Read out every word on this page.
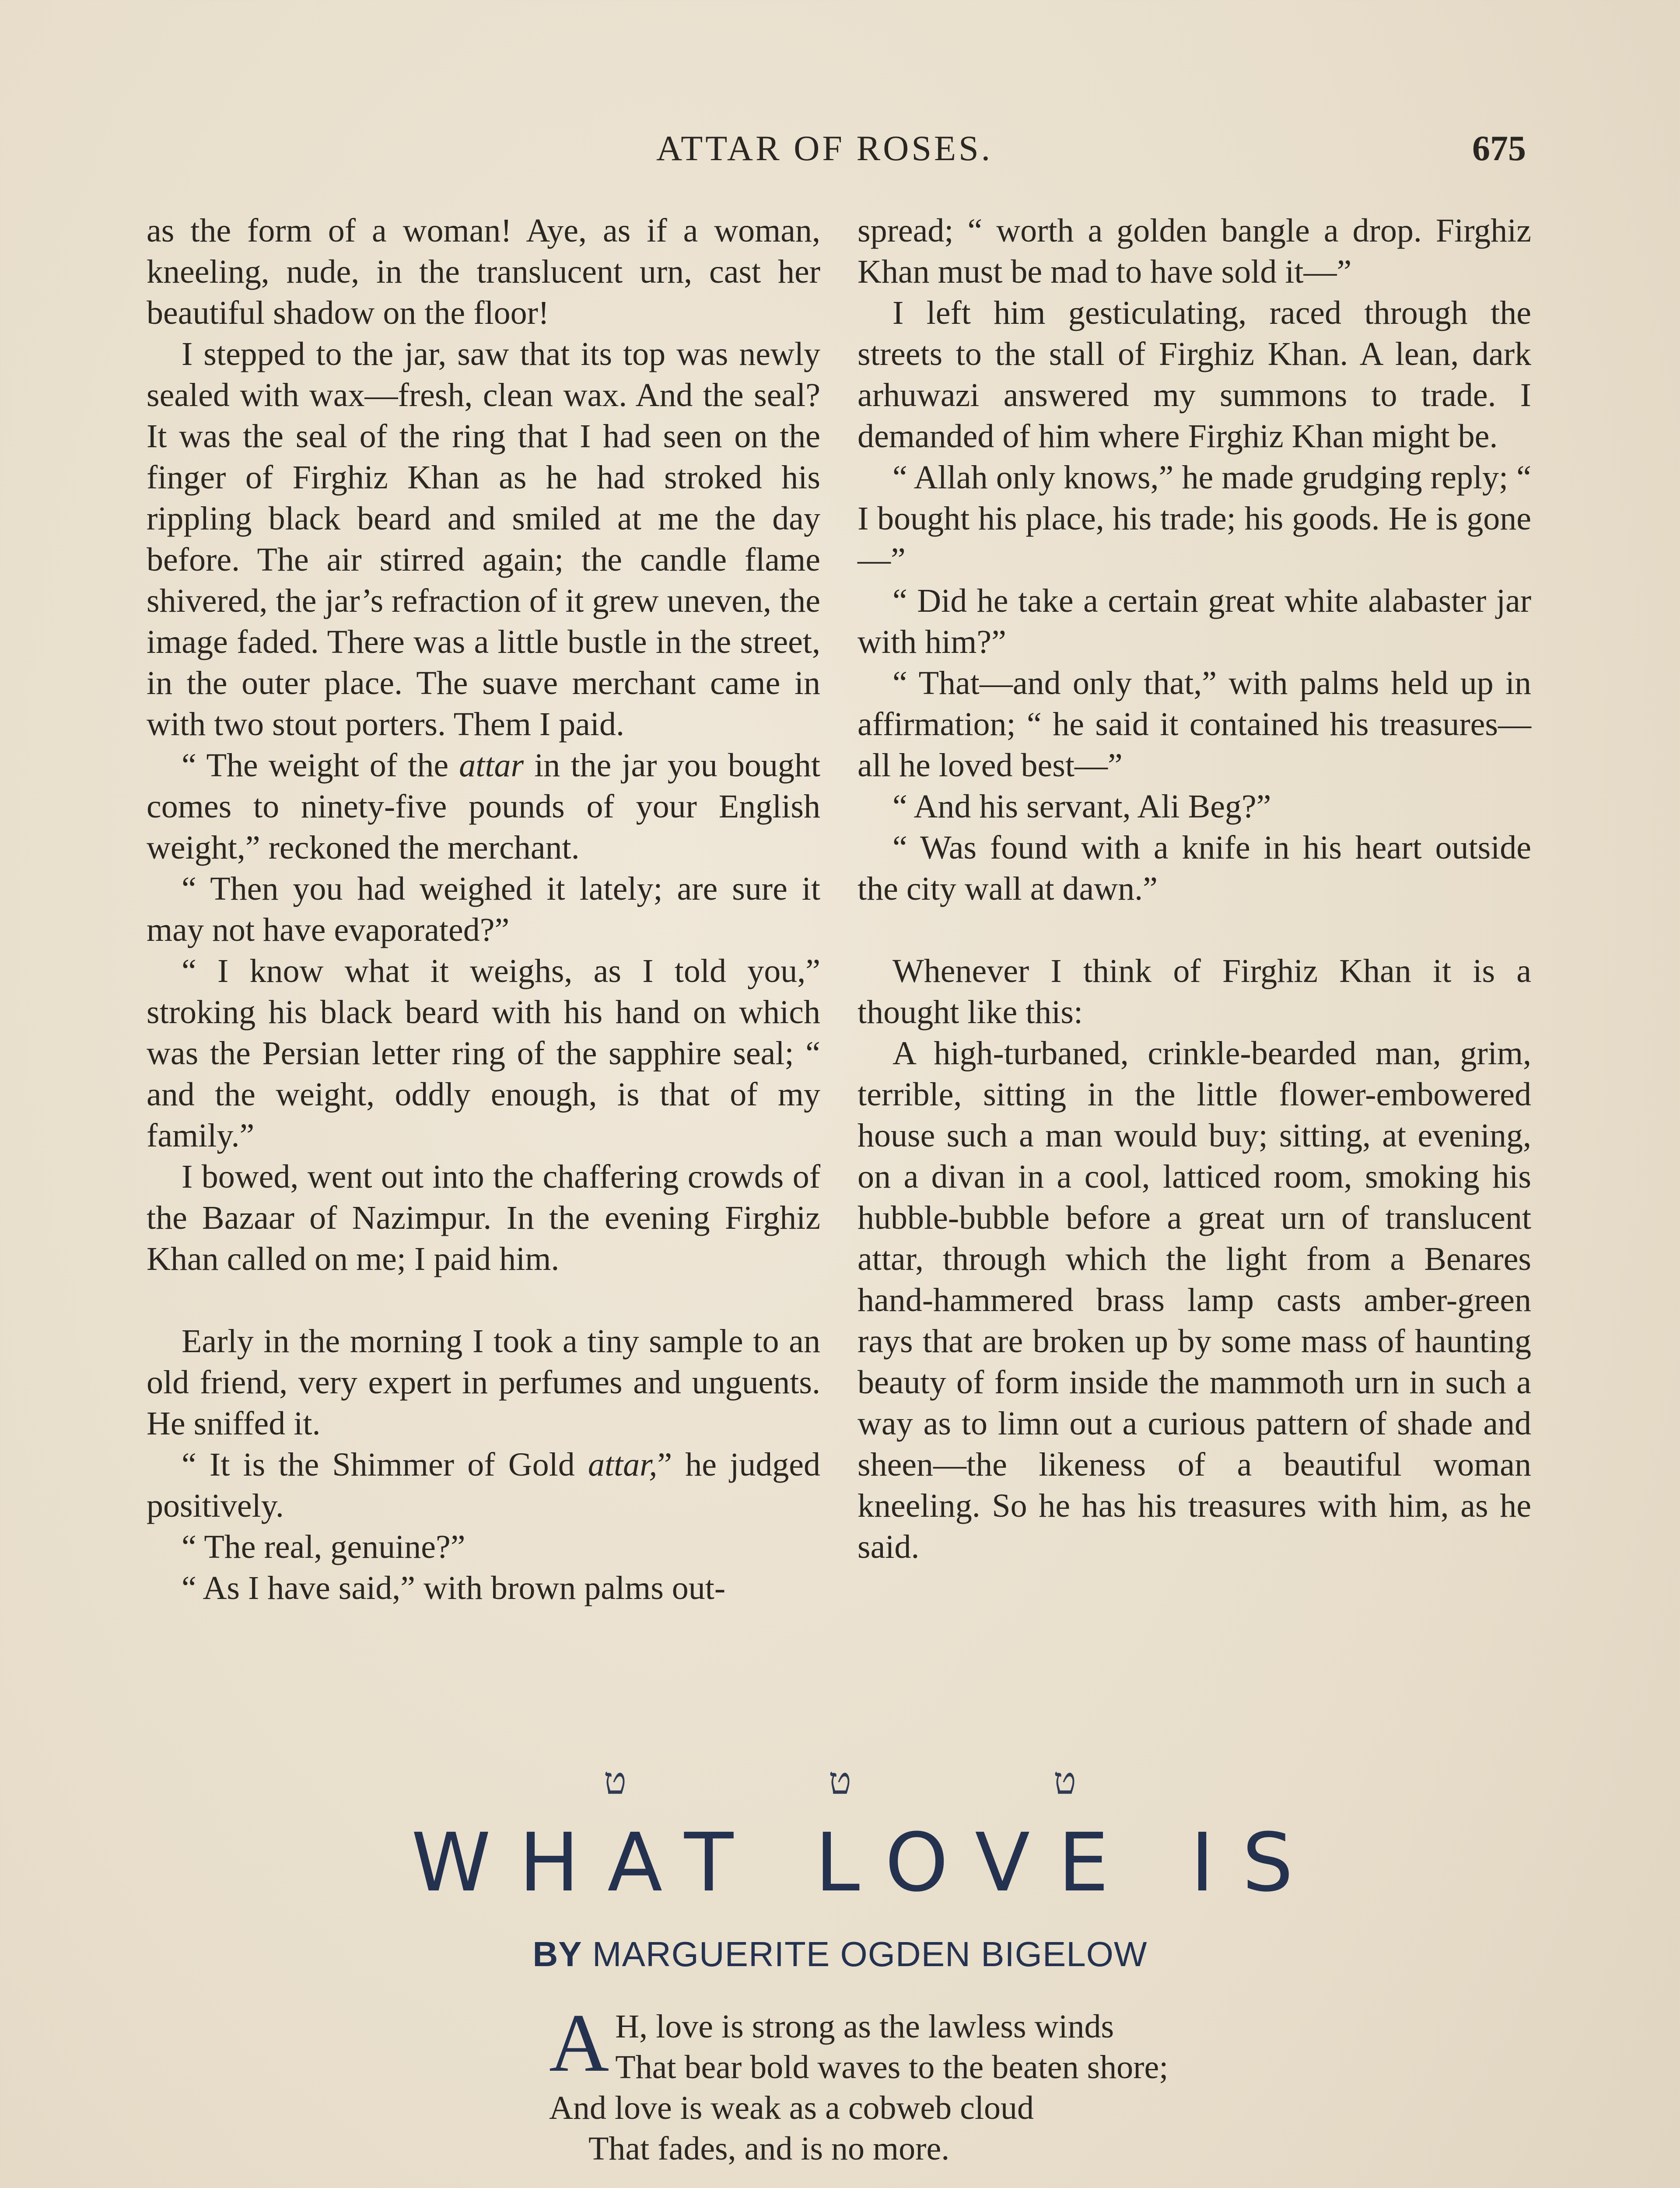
ATTAR OF ROSES.	675

as the form of a woman! Aye, as if a woman, kneeling, nude, in the translucent urn, cast her beautiful shadow on the floor!

I stepped to the jar, saw that its top was newly sealed with wax—fresh, clean wax. And the seal? It was the seal of the ring that I had seen on the finger of Firghiz Khan as he had stroked his rippling black beard and smiled at me the day before. The air stirred again; the candle flame shivered, the jar’s refraction of it grew uneven, the image faded. There was a little bustle in the street, in the outer place. The suave merchant came in with two stout porters. Them I paid.

“ The weight of the attar in the jar you bought comes to ninety-five pounds of your English weight,” reckoned the merchant.

“ Then you had weighed it lately; are sure it may not have evaporated?”

“ I know what it weighs, as I told you,” stroking his black beard with his hand on which was the Persian letter ring of the sapphire seal; “ and the weight, oddly enough, is that of my family.”

I bowed, went out into the chaffering crowds of the Bazaar of Nazimpur. In the evening Firghiz Khan called on me; I paid him.

Early in the morning I took a tiny sample to an old friend, very expert in perfumes and unguents. He sniffed it.

“ It is the Shimmer of Gold attar,” he judged positively.

“ The real, genuine?”

“ As I have said,” with brown palms out-

spread; “ worth a golden bangle a drop. Firghiz Khan must be mad to have sold it—”

I left him gesticulating, raced through the streets to the stall of Firghiz Khan. A lean, dark arhuwazi answered my summons to trade. I demanded of him where Firghiz Khan might be.

“ Allah only knows,” he made grudging reply; “ I bought his place, his trade; his goods. He is gone—”

“ Did he take a certain great white alabaster jar with him?”

“ That—and only that,” with palms held up in affirmation; “ he said it contained his treasures—all he loved best—”

“ And his servant, Ali Beg?”

“ Was found with a knife in his heart outside the city wall at dawn.”

Whenever I think of Firghiz Khan it is a thought like this:

A high-turbaned, crinkle-bearded man, grim, terrible, sitting in the little flower-embowered house such a man would buy; sitting, at evening, on a divan in a cool, latticed room, smoking his hubble-bubble before a great urn of translucent attar, through which the light from a Benares hand-hammered brass lamp casts amber-green rays that are broken up by some mass of haunting beauty of form inside the mammoth urn in such a way as to limn out a curious pattern of shade and sheen—the likeness of a beautiful woman kneeling. So he has his treasures with him, as he said.

ט	ט	ט
WHAT LOVE IS
BY MARGUERITE OGDEN BIGELOW
A H, love is strong as the lawless winds
That bear bold waves to the beaten shore;
And love is weak as a cobweb cloud
That fades, and is no more.
